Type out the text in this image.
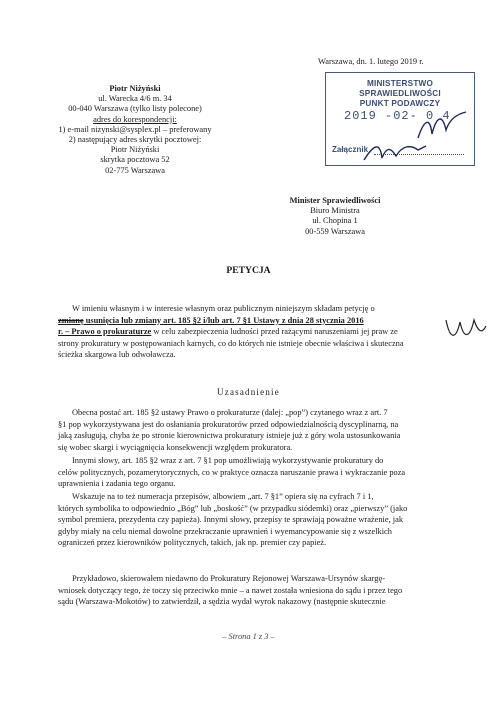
Warszawa, dn. 1. lutego 2019 r.
MINISTERSTWO SPRAWIEDLIWOŚCI
PUNKT PODAWCZY
2019 -02- 0 4
Załącznik
Piotr Niżyński
ul. Warecka 4/6 m. 34
00-040 Warszawa (tylko listy polecone)
adres do korespondencji:
1) e-mail nizynski@sysplex.pl – preferowany
2) następujący adres skrytki pocztowej:
Piotr Niżyński
skrytka pocztowa 52
02-775 Warszawa
Minister Sprawiedliwości
Biuro Ministra
ul. Chopina 1
00-559 Warszawa
PETYCJA
W imieniu własnym i w interesie własnym oraz publicznym niniejszym składam petycję o
zmianę usunięcia lub zmiany art. 185 §2 i/lub art. 7 §1 Ustawy z dnia 28 stycznia 2016
r. – Prawo o prokuraturze w celu zabezpieczenia ludności przed rażącymi naruszeniami jej praw ze
strony prokuratury w postępowaniach karnych, co do których nie istnieje obecnie właściwa i skuteczna
ścieżka skargowa lub odwoławcza.
Uzasadnienie
Obecna postać art. 185 §2 ustawy Prawo o prokuraturze (dalej: „pop”) czytanego wraz z art. 7
§1 pop wykorzystywana jest do osłaniania prokuratorów przed odpowiedzialnością dyscyplinarną, na
jaką zasługują, chyba że po stronie kierownictwa prokuratury istnieje już z góry wola ustosunkowania
się wobec skargi i wyciągnięcia konsekwencji względem prokuratora.
Innymi słowy, art. 185 §2 wraz z art. 7 §1 pop umożliwiają wykorzystywanie prokuratury do
celów politycznych, pozamerytorycznych, co w praktyce oznacza naruszanie prawa i wykraczanie poza
uprawnienia i zadania tego organu.
Wskazuje na to też numeracja przepisów, albowiem „art. 7 §1” opiera się na cyfrach 7 i 1,
których symbolika to odpowiednio „Bóg” lub „boskość” (w przypadku siódemki) oraz „pierwszy” (jako
symbol premiera, prezydenta czy papieża). Innymi słowy, przepisy te sprawiają poważne wrażenie, jak
gdyby miały na celu niemal dowolne przekraczanie uprawnień i wyemancypowanie się z wszelkich
ograniczeń przez kierowników politycznych, takich, jak np. premier czy papież.
Przykładowo, skierowałem niedawno do Prokuratury Rejonowej Warszawa-Ursynów skargę-
wniosek dotyczący tego, że toczy się przeciwko mnie – a nawet została wniesiona do sądu i przez tego
sądu (Warszawa-Mokotów) to zatwierdził, a sędzia wydał wyrok nakazowy (następnie skutecznie
– Strona 1 z 3 –
